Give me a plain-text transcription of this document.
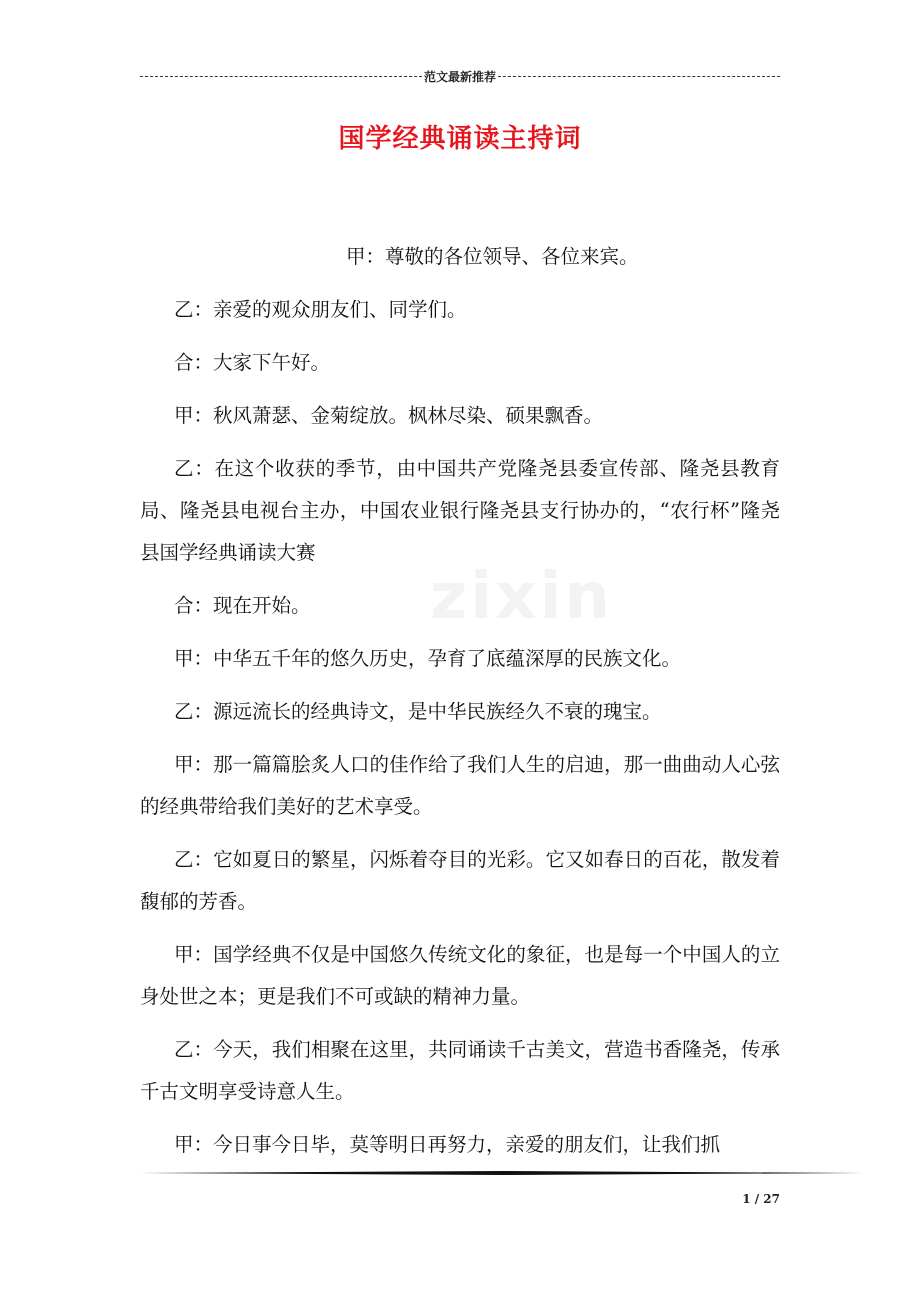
范文最新推荐
国学经典诵读主持词
zixin

甲：尊敬的各位领导、各位来宾。

乙：亲爱的观众朋友们、同学们。

合：大家下午好。

甲：秋风萧瑟、金菊绽放。枫林尽染、硕果飘香。

乙：在这个收获的季节，由中国共产党隆尧县委宣传部、隆尧县教育局、隆尧县电视台主办，中国农业银行隆尧县支行协办的，“农行杯”隆尧县国学经典诵读大赛

合：现在开始。

甲：中华五千年的悠久历史，孕育了底蕴深厚的民族文化。

乙：源远流长的经典诗文，是中华民族经久不衰的瑰宝。

甲：那一篇篇脍炙人口的佳作给了我们人生的启迪，那一曲曲动人心弦的经典带给我们美好的艺术享受。

乙：它如夏日的繁星，闪烁着夺目的光彩。它又如春日的百花，散发着馥郁的芳香。

甲：国学经典不仅是中国悠久传统文化的象征，也是每一个中国人的立身处世之本；更是我们不可或缺的精神力量。

乙：今天，我们相聚在这里，共同诵读千古美文，营造书香隆尧，传承千古文明享受诗意人生。

甲：今日事今日毕，莫等明日再努力，亲爱的朋友们，让我们抓

1 / 27
